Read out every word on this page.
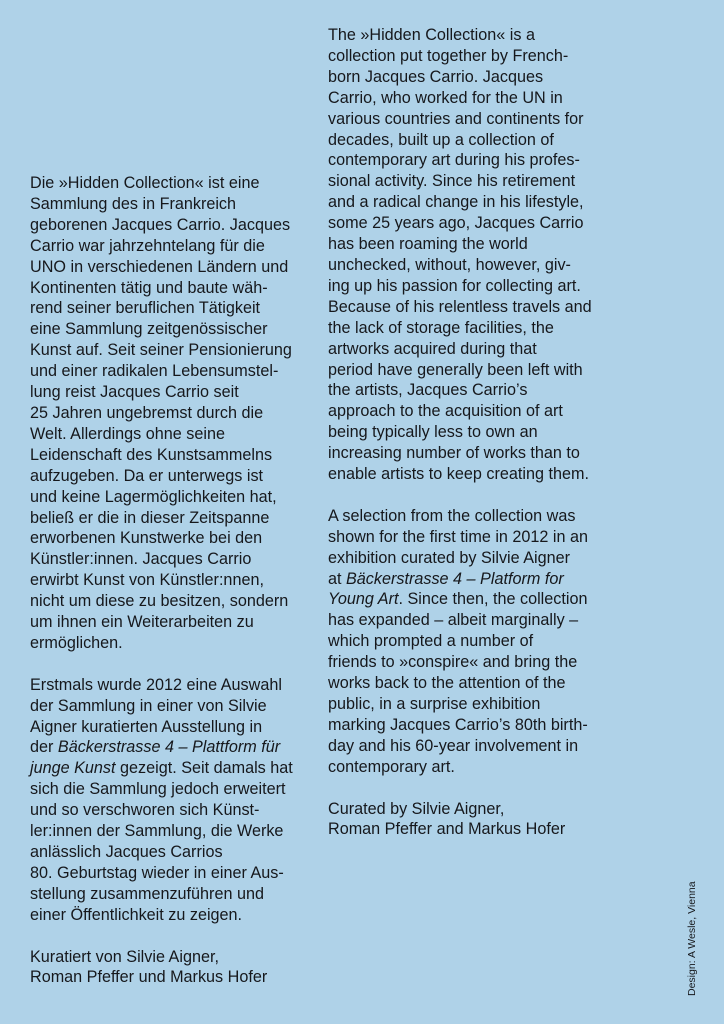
Die »Hidden Collection« ist eine
Sammlung des in Frankreich
geborenen Jacques Carrio. Jacques
Carrio war jahrzehntelang für die
UNO in verschiedenen Ländern und
Kontinenten tätig und baute wäh-
rend seiner beruflichen Tätigkeit
eine Sammlung zeitgenössischer
Kunst auf. Seit seiner Pensionierung
und einer radikalen Lebensumstel-
lung reist Jacques Carrio seit
25 Jahren ungebremst durch die
Welt. Allerdings ohne seine
Leidenschaft des Kunstsammelns
aufzugeben. Da er unterwegs ist
und keine Lagermöglichkeiten hat,
beließ er die in dieser Zeitspanne
erworbenen Kunstwerke bei den
Künstler:innen. Jacques Carrio
erwirbt Kunst von Künstler:nnen,
nicht um diese zu besitzen, sondern
um ihnen ein Weiterarbeiten zu
ermöglichen.

Erstmals wurde 2012 eine Auswahl
der Sammlung in einer von Silvie
Aigner kuratierten Ausstellung in
der Bäckerstrasse 4 – Plattform für
junge Kunst gezeigt. Seit damals hat
sich die Sammlung jedoch erweitert
und so verschworen sich Künst-
ler:innen der Sammlung, die Werke
anlässlich Jacques Carrios
80. Geburtstag wieder in einer Aus-
stellung zusammenzuführen und
einer Öffentlichkeit zu zeigen.

Kuratiert von Silvie Aigner,
Roman Pfeffer und Markus Hofer

The »Hidden Collection« is a
collection put together by French-
born Jacques Carrio. Jacques
Carrio, who worked for the UN in
various countries and continents for
decades, built up a collection of
contemporary art during his profes-
sional activity. Since his retirement
and a radical change in his lifestyle,
some 25 years ago, Jacques Carrio
has been roaming the world
unchecked, without, however, giv-
ing up his passion for collecting art.
Because of his relentless travels and
the lack of storage facilities, the
artworks acquired during that
period have generally been left with
the artists, Jacques Carrio’s
approach to the acquisition of art
being typically less to own an
increasing number of works than to
enable artists to keep creating them.

A selection from the collection was
shown for the first time in 2012 in an
exhibition curated by Silvie Aigner
at Bäckerstrasse 4 – Platform for
Young Art. Since then, the collection
has expanded – albeit marginally –
which prompted a number of
friends to »conspire« and bring the
works back to the attention of the
public, in a surprise exhibition
marking Jacques Carrio’s 80th birth-
day and his 60-year involvement in
contemporary art.

Curated by Silvie Aigner,
Roman Pfeffer and Markus Hofer

Design: A Wesle, Vienna
